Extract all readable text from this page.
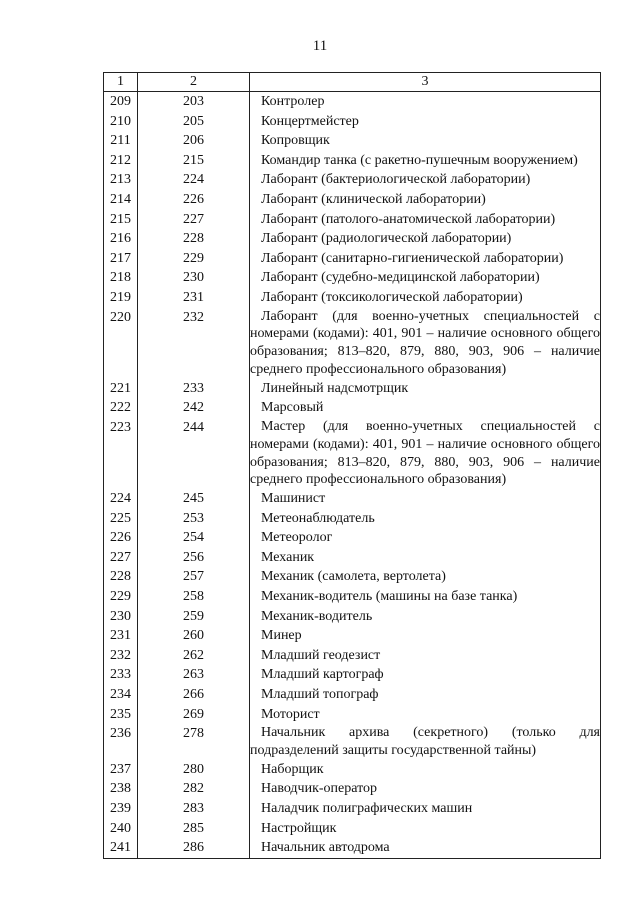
11
1	2	3
209	203	Контролер

210	205	Концертмейстер

211	206	Копровщик

212	215	Командир танка (с ракетно-пушечным вооружением)

213	224	Лаборант (бактериологической лаборатории)

214	226	Лаборант (клинической лаборатории)

215	227	Лаборант (патолого-анатомической лаборатории)

216	228	Лаборант (радиологической лаборатории)

217	229	Лаборант (санитарно-гигиенической лаборатории)

218	230	Лаборант (судебно-медицинской лаборатории)

219	231	Лаборант (токсикологической лаборатории)

220	232	Лаборант (для военно-учетных специальностей с номерами (кодами): 401, 901 – наличие основного общего образования; 813–820, 879, 880, 903, 906 – наличие среднего профессионального образования)

221	233	Линейный надсмотрщик

222	242	Марсовый

223	244	Мастер (для военно-учетных специальностей с номерами (кодами): 401, 901 – наличие основного общего образования; 813–820, 879, 880, 903, 906 – наличие среднего профессионального образования)

224	245	Машинист

225	253	Метеонаблюдатель

226	254	Метеоролог

227	256	Механик

228	257	Механик (самолета, вертолета)

229	258	Механик-водитель (машины на базе танка)

230	259	Механик-водитель

231	260	Минер

232	262	Младший геодезист

233	263	Младший картограф

234	266	Младший топограф

235	269	Моторист

236	278	Начальник архива (секретного) (только для подразделений защиты государственной тайны)

237	280	Наборщик

238	282	Наводчик-оператор

239	283	Наладчик полиграфических машин

240	285	Настройщик

241	286	Начальник автодрома
